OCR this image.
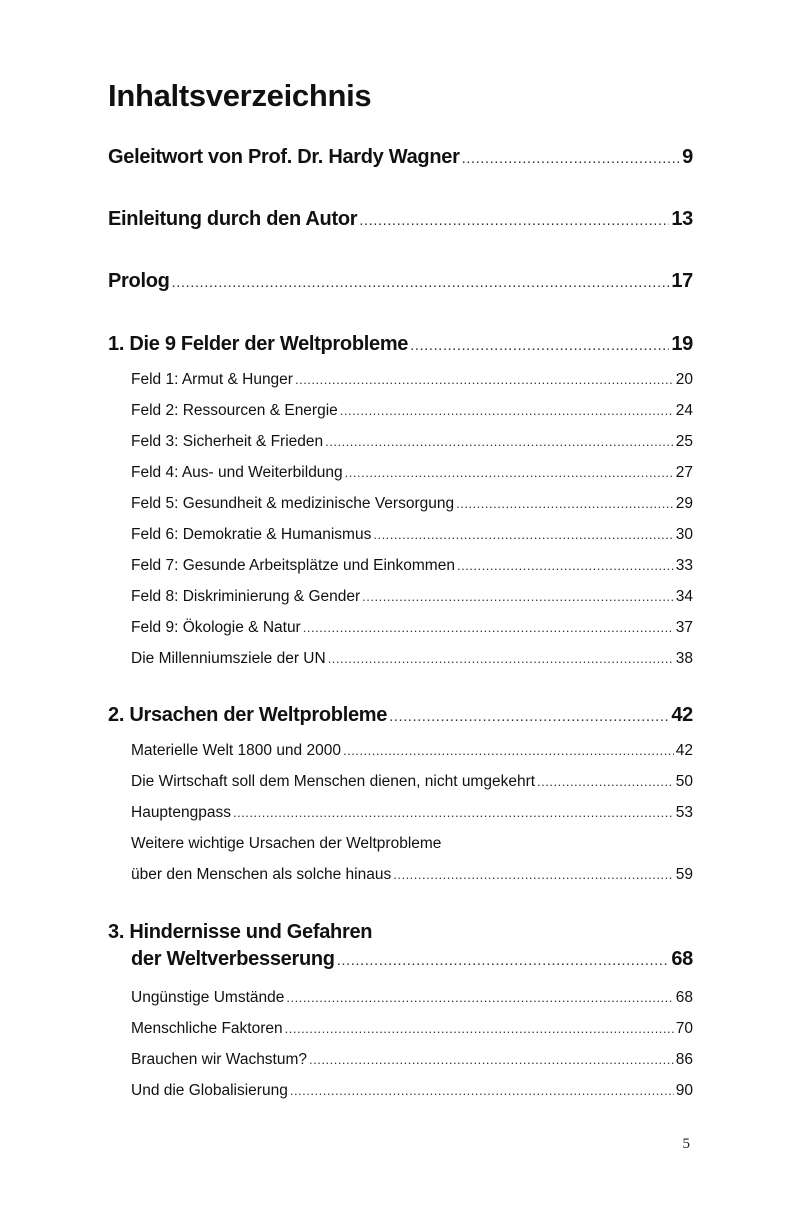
Inhaltsverzeichnis
Geleitwort von Prof. Dr. Hardy Wagner .....	9
Einleitung durch den Autor .....	13
Prolog .....	17
1. Die 9 Felder der Weltprobleme .....	19
Feld 1: Armut & Hunger .....	20
Feld 2: Ressourcen & Energie .....	24
Feld 3: Sicherheit & Frieden .....	25
Feld 4: Aus- und Weiterbildung .....	27
Feld 5: Gesundheit & medizinische Versorgung .....	29
Feld 6: Demokratie & Humanismus .....	30
Feld 7: Gesunde Arbeitsplätze und Einkommen .....	33
Feld 8: Diskriminierung & Gender .....	34
Feld 9: Ökologie & Natur .....	37
Die Millenniumsziele der UN .....	38
2. Ursachen der Weltprobleme .....	42
Materielle Welt 1800 und 2000 .....	42
Die Wirtschaft soll dem Menschen dienen, nicht umgekehrt .....	50
Hauptengpass .....	53
Weitere wichtige Ursachen der Weltprobleme
über den Menschen als solche hinaus .....	59
3. Hindernisse und Gefahren
der Weltverbesserung .....	68
Ungünstige Umstände .....	68
Menschliche Faktoren .....	70
Brauchen wir Wachstum? .....	86
Und die Globalisierung .....	90
5
